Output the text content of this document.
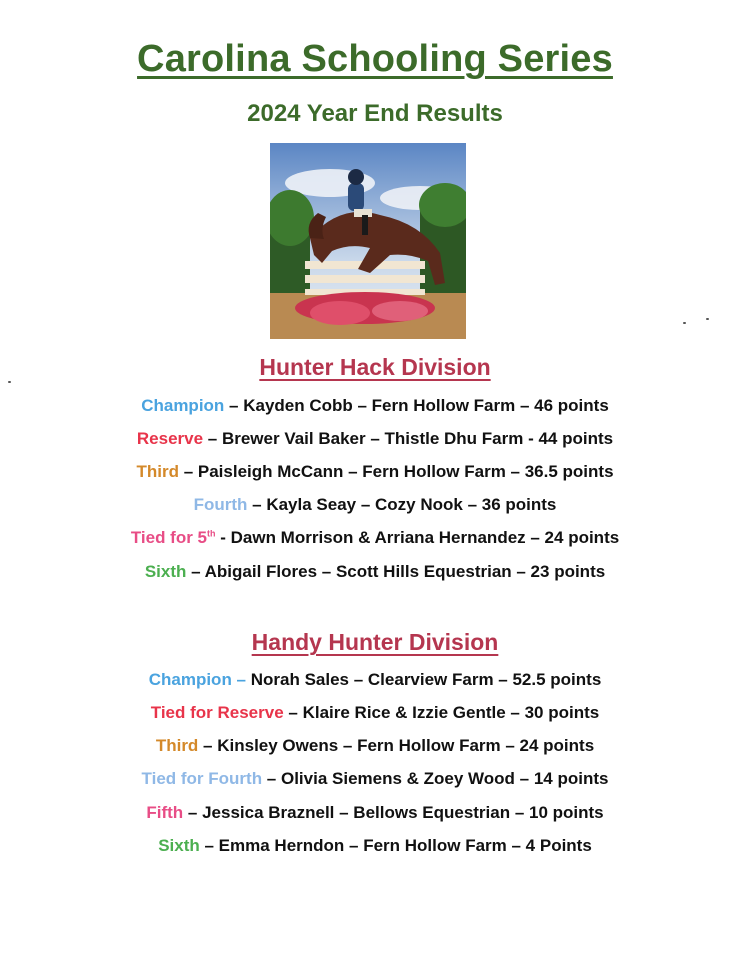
Carolina Schooling Series
2024 Year End Results
Hunter Hack Division
Champion – Kayden Cobb – Fern Hollow Farm – 46 points
Reserve – Brewer Vail Baker – Thistle Dhu Farm - 44 points
Third – Paisleigh McCann – Fern Hollow Farm – 36.5 points
Fourth – Kayla Seay – Cozy Nook – 36 points
Tied for 5th - Dawn Morrison & Arriana Hernandez – 24 points
Sixth – Abigail Flores – Scott Hills Equestrian – 23 points
Handy Hunter Division
Champion – Norah Sales – Clearview Farm – 52.5 points
Tied for Reserve – Klaire Rice & Izzie Gentle – 30 points
Third – Kinsley Owens – Fern Hollow Farm – 24 points
Tied for Fourth – Olivia Siemens & Zoey Wood – 14 points
Fifth – Jessica Braznell – Bellows Equestrian – 10 points
Sixth – Emma Herndon – Fern Hollow Farm – 4 Points
